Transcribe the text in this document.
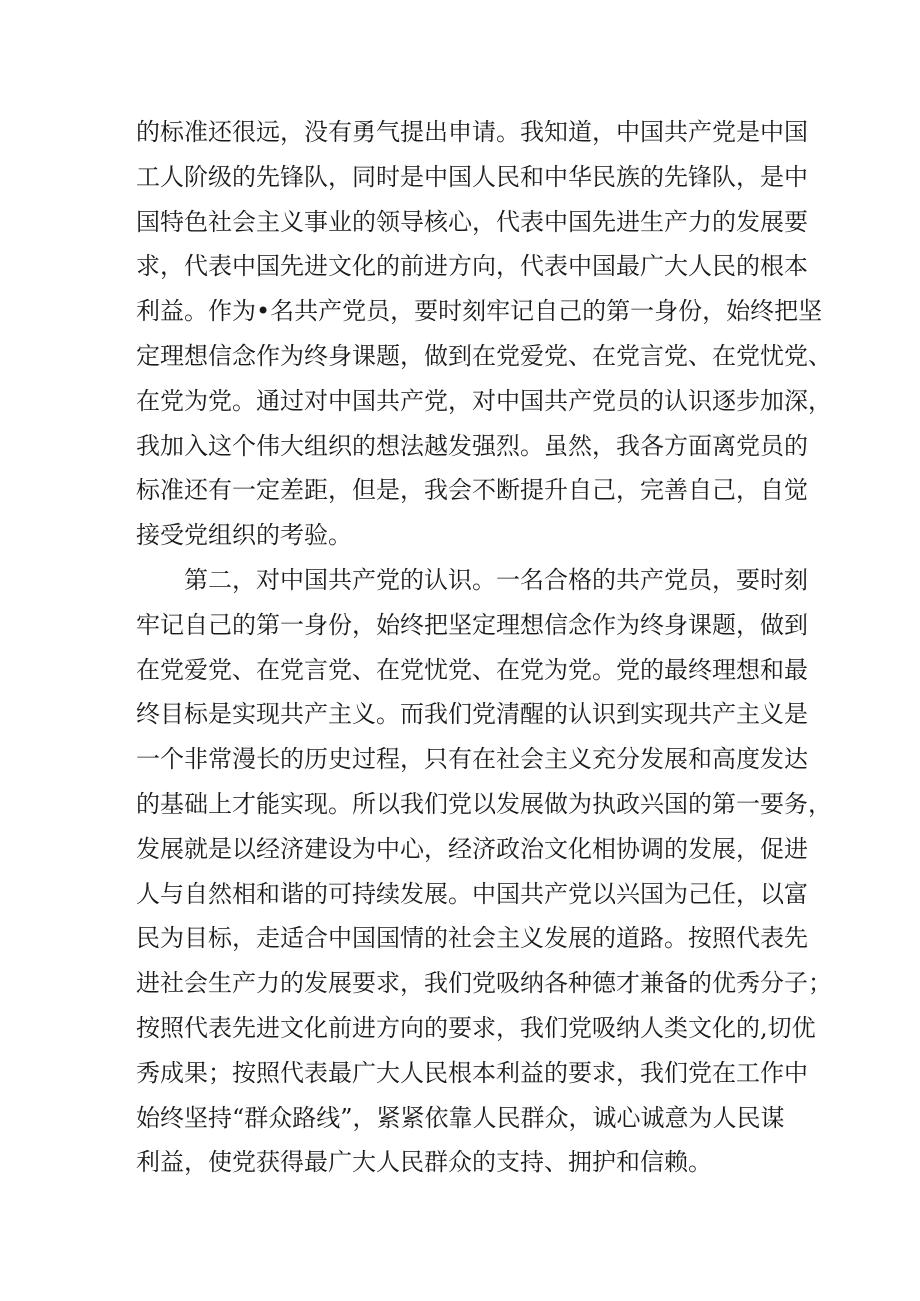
的标准还很远，没有勇气提出申请。我知道，中国共产党是中国
工人阶级的先锋队，同时是中国人民和中华民族的先锋队，是中
国特色社会主义事业的领导核心，代表中国先进生产力的发展要
求，代表中国先进文化的前进方向，代表中国最广大人民的根本
利益。作为•名共产党员，要时刻牢记自己的第一身份，始终把坚
定理想信念作为终身课题，做到在党爱党、在党言党、在党忧党、
在党为党。通过对中国共产党，对中国共产党员的认识逐步加深，
我加入这个伟大组织的想法越发强烈。虽然，我各方面离党员的
标准还有一定差距，但是，我会不断提升自己，完善自己，自觉
接受党组织的考验。
第二，对中国共产党的认识。一名合格的共产党员，要时刻
牢记自己的第一身份，始终把坚定理想信念作为终身课题，做到
在党爱党、在党言党、在党忧党、在党为党。党的最终理想和最
终目标是实现共产主义。而我们党清醒的认识到实现共产主义是
一个非常漫长的历史过程，只有在社会主义充分发展和高度发达
的基础上才能实现。所以我们党以发展做为执政兴国的第一要务，
发展就是以经济建设为中心，经济政治文化相协调的发展，促进
人与自然相和谐的可持续发展。中国共产党以兴国为己任，以富
民为目标，走适合中国国情的社会主义发展的道路。按照代表先
进社会生产力的发展要求，我们党吸纳各种德才兼备的优秀分子；
按照代表先进文化前进方向的要求，我们党吸纳人类文化的,切优
秀成果；按照代表最广大人民根本利益的要求，我们党在工作中
始终坚持“群众路线”，紧紧依靠人民群众，诚心诚意为人民谋
利益，使党获得最广大人民群众的支持、拥护和信赖。
